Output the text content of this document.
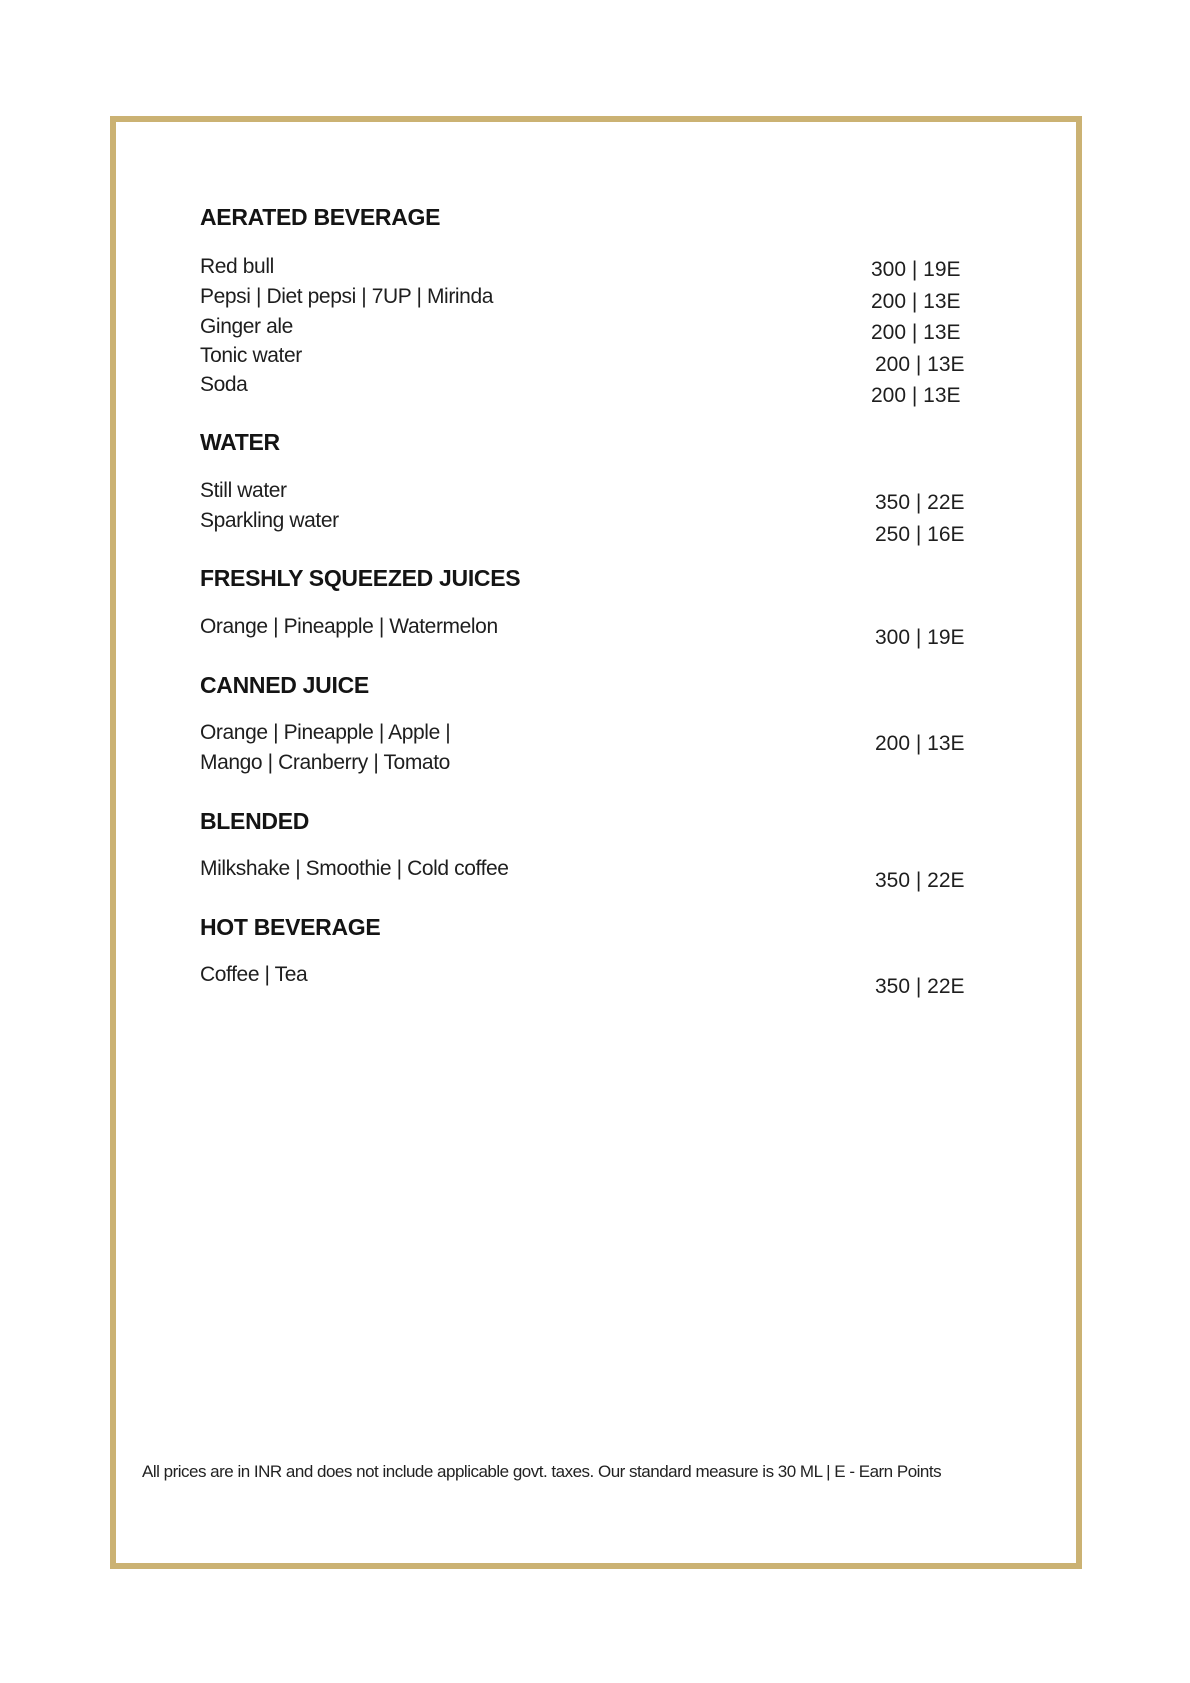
AERATED BEVERAGE
Red bull
Pepsi | Diet pepsi | 7UP | Mirinda
Ginger ale
Tonic water
Soda
300 | 19E
200 | 13E
200 | 13E
200 | 13E
200 | 13E
WATER
Still water
Sparkling water
350 | 22E
250 | 16E
FRESHLY SQUEEZED JUICES
Orange | Pineapple | Watermelon	300 | 19E
CANNED JUICE
Orange | Pineapple | Apple |
Mango | Cranberry | Tomato
200 | 13E
BLENDED
Milkshake | Smoothie | Cold coffee
350 | 22E
HOT BEVERAGE
Coffee | Tea
350 | 22E
All prices are in INR and does not include applicable govt. taxes. Our standard measure is 30 ML | E - Earn Points
